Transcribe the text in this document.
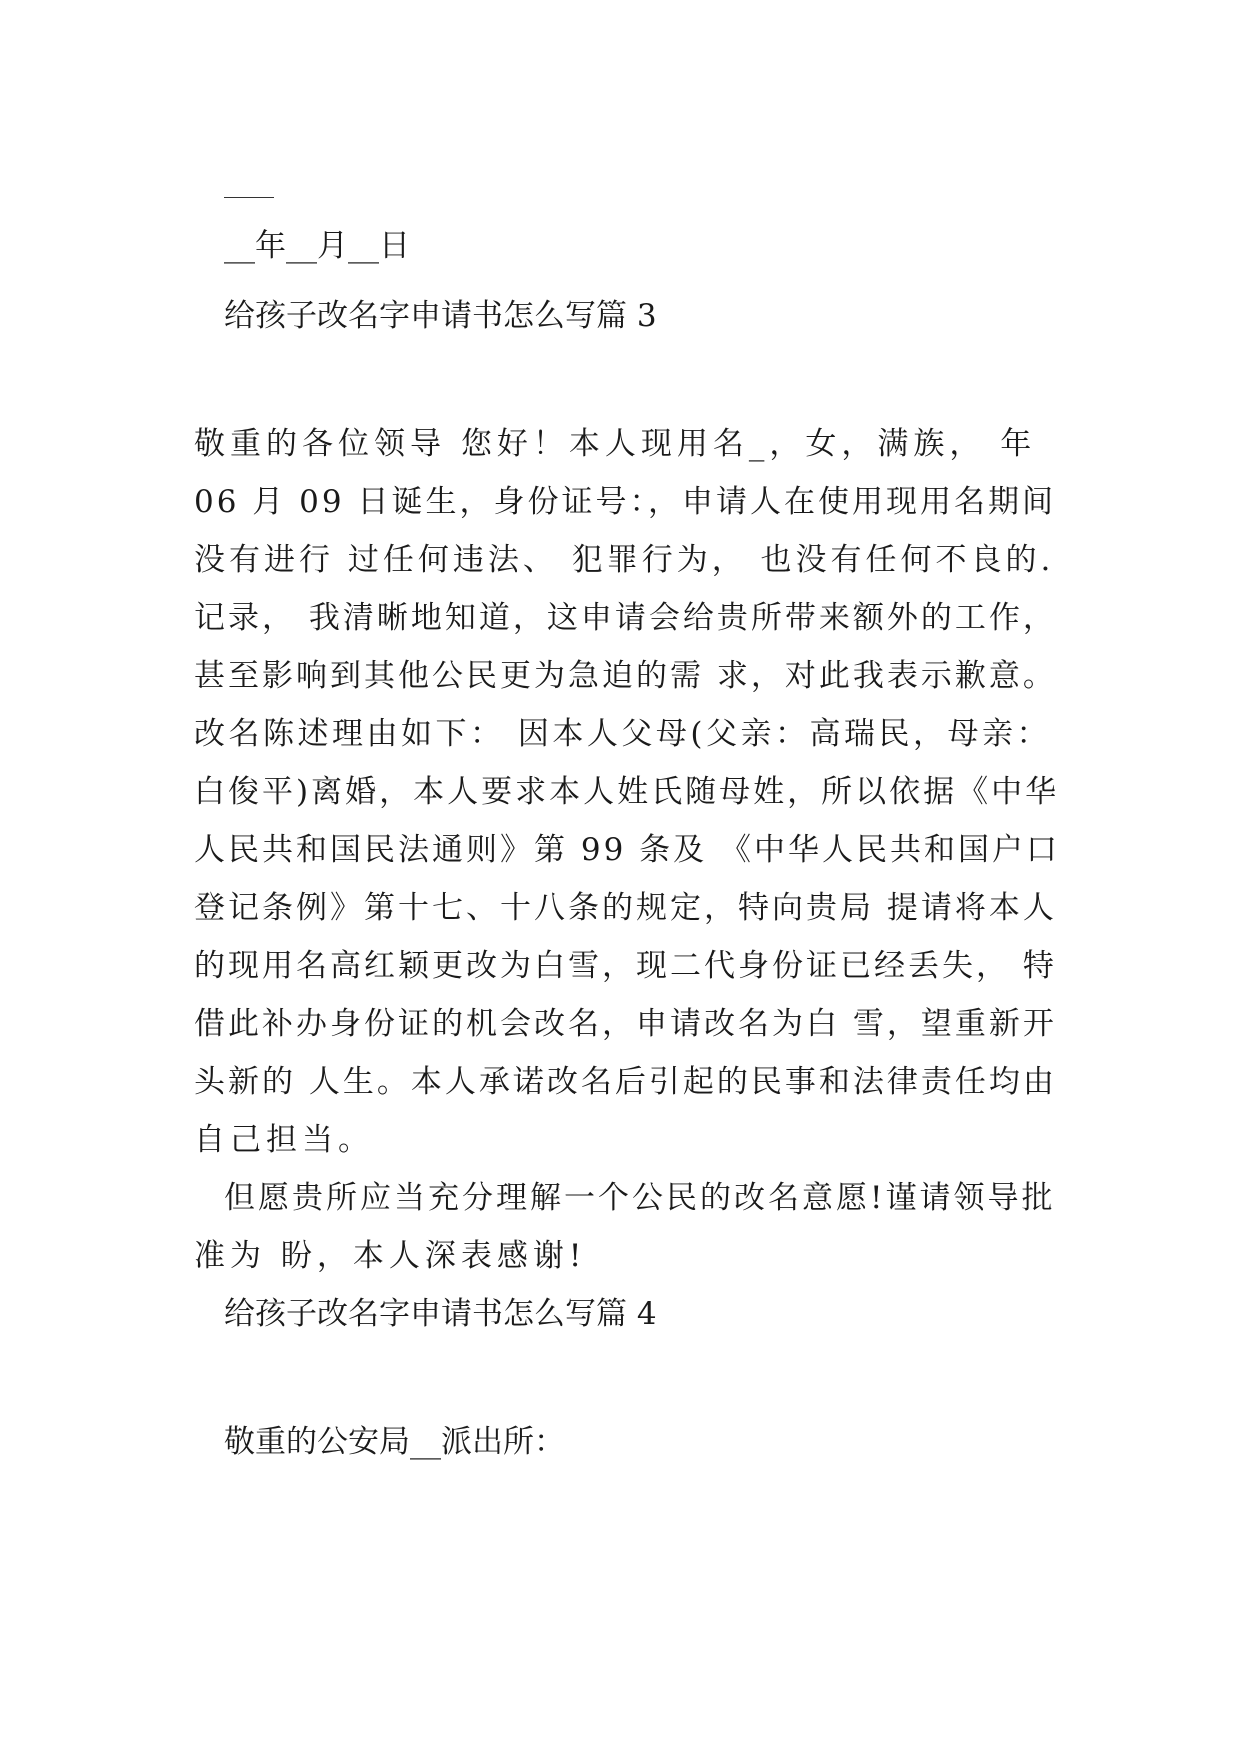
__年__月__日
给孩子改名字申请书怎么写篇 3
敬重的各位领导 您好！本人现用名_，女，满族， 年
06 月 09 日诞生，身份证号：，申请人在使用现用名期间
没有进行 过任何违法、 犯罪行为， 也没有任何不良的.
记录， 我清晰地知道，这申请会给贵所带来额外的工作，
甚至影响到其他公民更为急迫的需 求，对此我表示歉意。
改名陈述理由如下： 因本人父母(父亲：高瑞民，母亲：
白俊平)离婚，本人要求本人姓氏随母姓，所以依据《中华
人民共和国民法通则》第 99 条及 《中华人民共和国户口
登记条例》第十七、十八条的规定，特向贵局 提请将本人
的现用名高红颖更改为白雪，现二代身份证已经丢失， 特
借此补办身份证的机会改名，申请改名为白 雪，望重新开
头新的 人生。本人承诺改名后引起的民事和法律责任均由
自己担当。
但愿贵所应当充分理解一个公民的改名意愿!谨请领导批
准为 盼，本人深表感谢!
给孩子改名字申请书怎么写篇 4
敬重的公安局__派出所：
